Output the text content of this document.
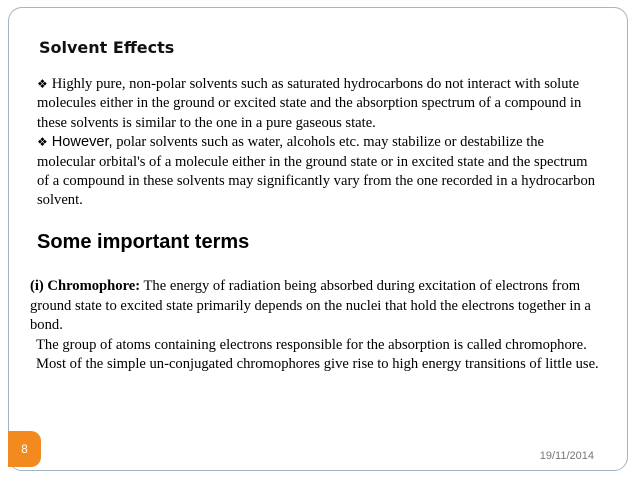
Solvent Effects

❖ Highly pure, non-polar solvents such as saturated hydrocarbons do not interact with solute molecules either in the ground or excited state and the absorption spectrum of a compound in these solvents is similar to the one in a pure gaseous state.

❖ However, polar solvents such as water, alcohols etc. may stabilize or destabilize the molecular orbital's of a molecule either in the ground state or in excited state and the spectrum of a compound in these solvents may significantly vary from the one recorded in a hydrocarbon solvent.

Some important terms

(i) Chromophore: The energy of radiation being absorbed during excitation of electrons from ground state to excited state primarily depends on the nuclei that hold the electrons together in a bond.

The group of atoms containing electrons responsible for the absorption is called chromophore. Most of the simple un-conjugated chromophores give rise to high energy transitions of little use.

8	19/11/2014
